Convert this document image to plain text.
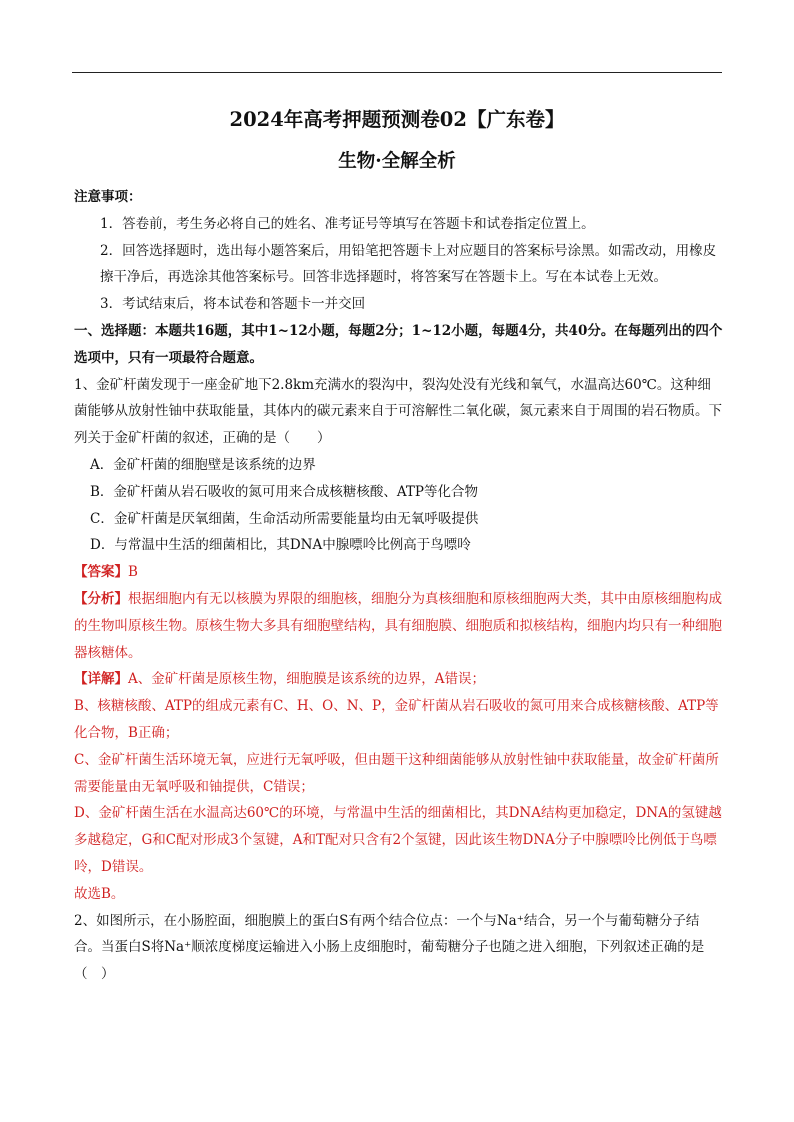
2024年高考押题预测卷02【广东卷】
生物·全解全析

注意事项：

1．答卷前，考生务必将自己的姓名、准考证号等填写在答题卡和试卷指定位置上。

2．回答选择题时，选出每小题答案后，用铅笔把答题卡上对应题目的答案标号涂黑。如需改动，用橡皮擦干净后，再选涂其他答案标号。回答非选择题时，将答案写在答题卡上。写在本试卷上无效。

3．考试结束后，将本试卷和答题卡一并交回

一、选择题：本题共16题，其中1~12小题，每题2分；1~12小题，每题4分，共40分。在每题列出的四个选项中，只有一项最符合题意。

1、金矿杆菌发现于一座金矿地下2.8km充满水的裂沟中，裂沟处没有光线和氧气，水温高达60℃。这种细菌能够从放射性铀中获取能量，其体内的碳元素来自于可溶解性二氧化碳，氮元素来自于周围的岩石物质。下列关于金矿杆菌的叙述，正确的是（　　）

A．金矿杆菌的细胞壁是该系统的边界

B．金矿杆菌从岩石吸收的氮可用来合成核糖核酸、ATP等化合物

C．金矿杆菌是厌氧细菌，生命活动所需要能量均由无氧呼吸提供

D．与常温中生活的细菌相比，其DNA中腺嘌呤比例高于鸟嘌呤

【答案】B

【分析】根据细胞内有无以核膜为界限的细胞核，细胞分为真核细胞和原核细胞两大类，其中由原核细胞构成的生物叫原核生物。原核生物大多具有细胞壁结构，具有细胞膜、细胞质和拟核结构，细胞内均只有一种细胞器核糖体。

【详解】A、金矿杆菌是原核生物，细胞膜是该系统的边界，A错误；

B、核糖核酸、ATP的组成元素有C、H、O、N、P，金矿杆菌从岩石吸收的氮可用来合成核糖核酸、ATP等化合物，B正确；

C、金矿杆菌生活环境无氧，应进行无氧呼吸，但由题干这种细菌能够从放射性铀中获取能量，故金矿杆菌所需要能量由无氧呼吸和铀提供，C错误；

D、金矿杆菌生活在水温高达60℃的环境，与常温中生活的细菌相比，其DNA结构更加稳定，DNA的氢键越多越稳定，G和C配对形成3个氢键，A和T配对只含有2个氢键，因此该生物DNA分子中腺嘌呤比例低于鸟嘌呤，D错误。

故选B。

2、如图所示，在小肠腔面，细胞膜上的蛋白S有两个结合位点：一个与Na⁺结合，另一个与葡萄糖分子结合。当蛋白S将Na⁺顺浓度梯度运输进入小肠上皮细胞时，葡萄糖分子也随之进入细胞，下列叙述正确的是（　）
